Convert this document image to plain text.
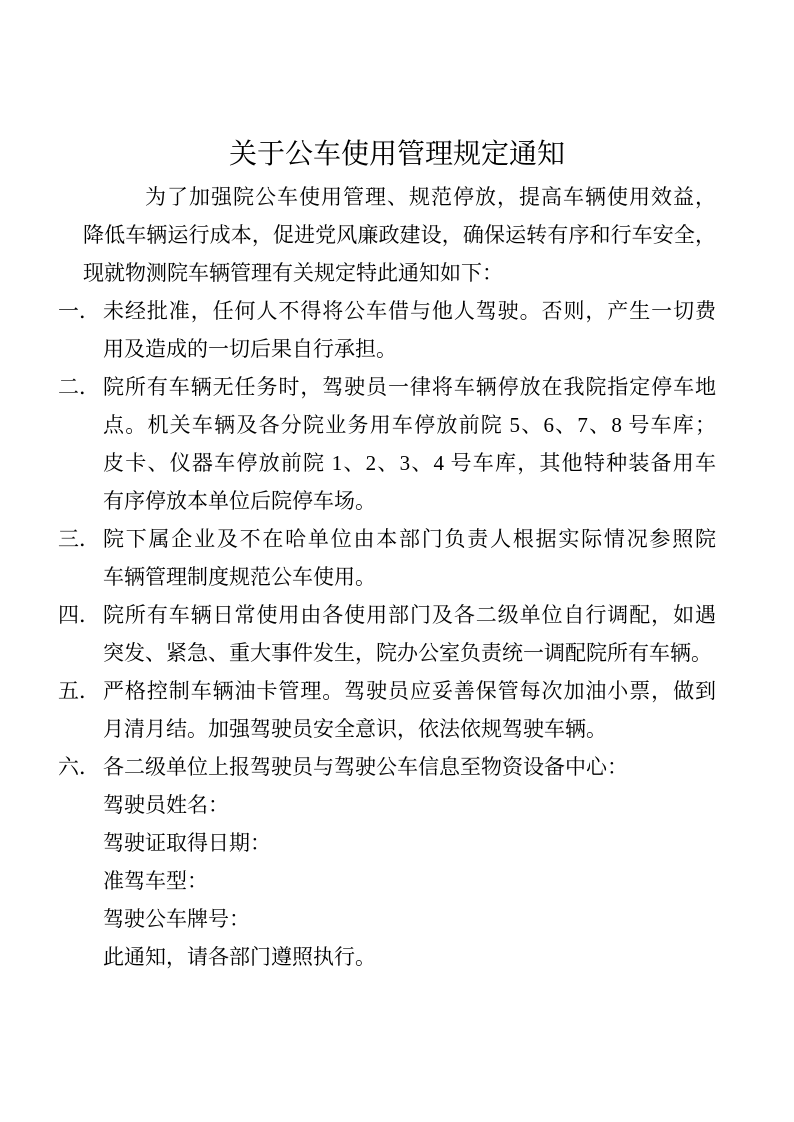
关于公车使用管理规定通知
为了加强院公车使用管理、规范停放，提高车辆使用效益，
降低车辆运行成本，促进党风廉政建设，确保运转有序和行车安全，
现就物测院车辆管理有关规定特此通知如下：
一． 未经批准，任何人不得将公车借与他人驾驶。否则，产生一切费
用及造成的一切后果自行承担。
二． 院所有车辆无任务时，驾驶员一律将车辆停放在我院指定停车地
点。机关车辆及各分院业务用车停放前院 5、6、7、8 号车库；
皮卡、仪器车停放前院 1、2、3、4 号车库，其他特种装备用车
有序停放本单位后院停车场。
三． 院下属企业及不在哈单位由本部门负责人根据实际情况参照院
车辆管理制度规范公车使用。
四． 院所有车辆日常使用由各使用部门及各二级单位自行调配，如遇
突发、紧急、重大事件发生，院办公室负责统一调配院所有车辆。
五． 严格控制车辆油卡管理。驾驶员应妥善保管每次加油小票，做到
月清月结。加强驾驶员安全意识，依法依规驾驶车辆。
六． 各二级单位上报驾驶员与驾驶公车信息至物资设备中心：
驾驶员姓名：
驾驶证取得日期：
准驾车型：
驾驶公车牌号：
此通知，请各部门遵照执行。
